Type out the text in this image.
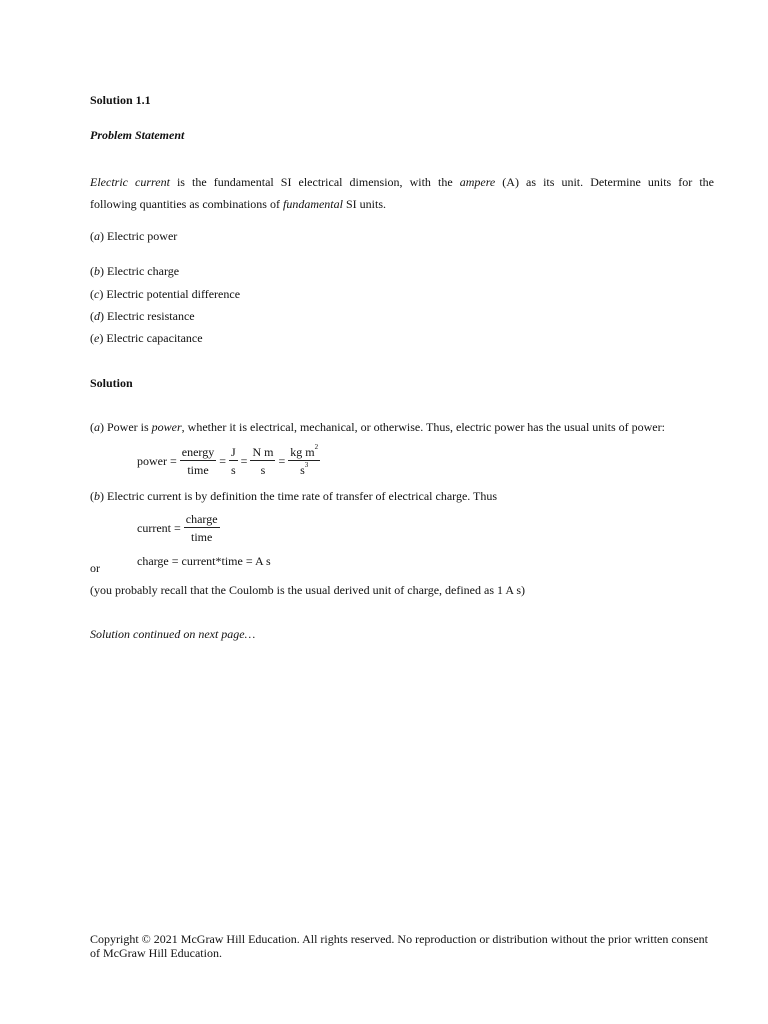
Solution 1.1
Problem Statement
Electric current is the fundamental SI electrical dimension, with the ampere (A) as its unit. Determine units for the
following quantities as combinations of fundamental SI units.
(a) Electric power
(b) Electric charge
(c) Electric potential difference
(d) Electric resistance
(e) Electric capacitance
Solution
(a) Power is power, whether it is electrical, mechanical, or otherwise. Thus, electric power has the usual units of power:
power = $\frac{\text{energy}}{\text{time}} = \frac{J}{s} = \frac{\text{N m}}{s} = \frac{kg m^2}{s^3}$
(b) Electric current is by definition the time rate of transfer of electrical charge. Thus
current = $\frac{\text{charge}}{\text{time}}$
or	charge = current*time = A s
(you probably recall that the Coulomb is the usual derived unit of charge, defined as 1 A s)
Solution continued on next page…
Copyright © 2021 McGraw Hill Education. All rights reserved. No reproduction or distribution without the prior written consent of McGraw Hill Education.
